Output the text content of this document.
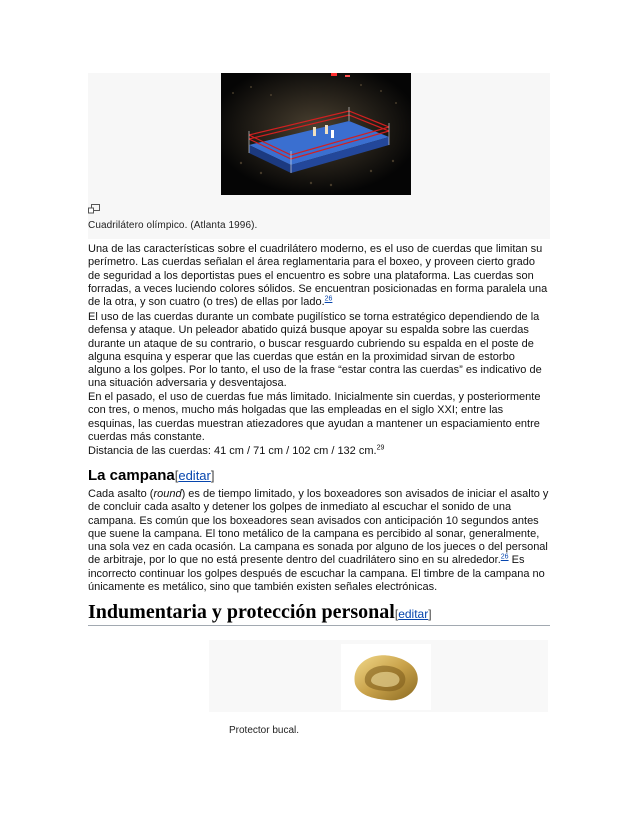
Cuadrilátero olímpico. (Atlanta 1996).

Una de las características sobre el cuadrilátero moderno, es el uso de cuerdas que limitan su perímetro. Las cuerdas señalan el área reglamentaria para el boxeo, y proveen cierto grado de seguridad a los deportistas pues el encuentro es sobre una plataforma. Las cuerdas son forradas, a veces luciendo colores sólidos. Se encuentran posicionadas en forma paralela una de la otra, y son cuatro (o tres) de ellas por lado.$^{26}$

El uso de las cuerdas durante un combate pugilístico se torna estratégico dependiendo de la defensa y ataque. Un peleador abatido quizá busque apoyar su espalda sobre las cuerdas durante un ataque de su contrario, o buscar resguardo cubriendo su espalda en el poste de alguna esquina y esperar que las cuerdas que están en la proximidad sirvan de estorbo alguno a los golpes. Por lo tanto, el uso de la frase “estar contra las cuerdas” es indicativo de una situación adversaria y desventajosa.

En el pasado, el uso de cuerdas fue más limitado. Inicialmente sin cuerdas, y posteriormente con tres, o menos, mucho más holgadas que las empleadas en el siglo XXI; entre las esquinas, las cuerdas muestran atiezadores que ayudan a mantener un espaciamiento entre cuerdas más constante.

Distancia de las cuerdas: 41 cm / 71 cm / 102 cm / 132 cm.$^{29}$

La campana[editar]

Cada asalto (round) es de tiempo limitado, y los boxeadores son avisados de iniciar el asalto y de concluir cada asalto y detener los golpes de inmediato al escuchar el sonido de una campana. Es común que los boxeadores sean avisados con anticipación 10 segundos antes que suene la campana. El tono metálico de la campana es percibido al sonar, generalmente, una sola vez en cada ocasión. La campana es sonada por alguno de los jueces o del personal de arbitraje, por lo que no está presente dentro del cuadrilátero sino en su alrededor.$^{26}$ Es incorrecto continuar los golpes después de escuchar la campana. El timbre de la campana no únicamente es metálico, sino que también existen señales electrónicas.

Indumentaria y protección personal[editar]
Protector bucal.
